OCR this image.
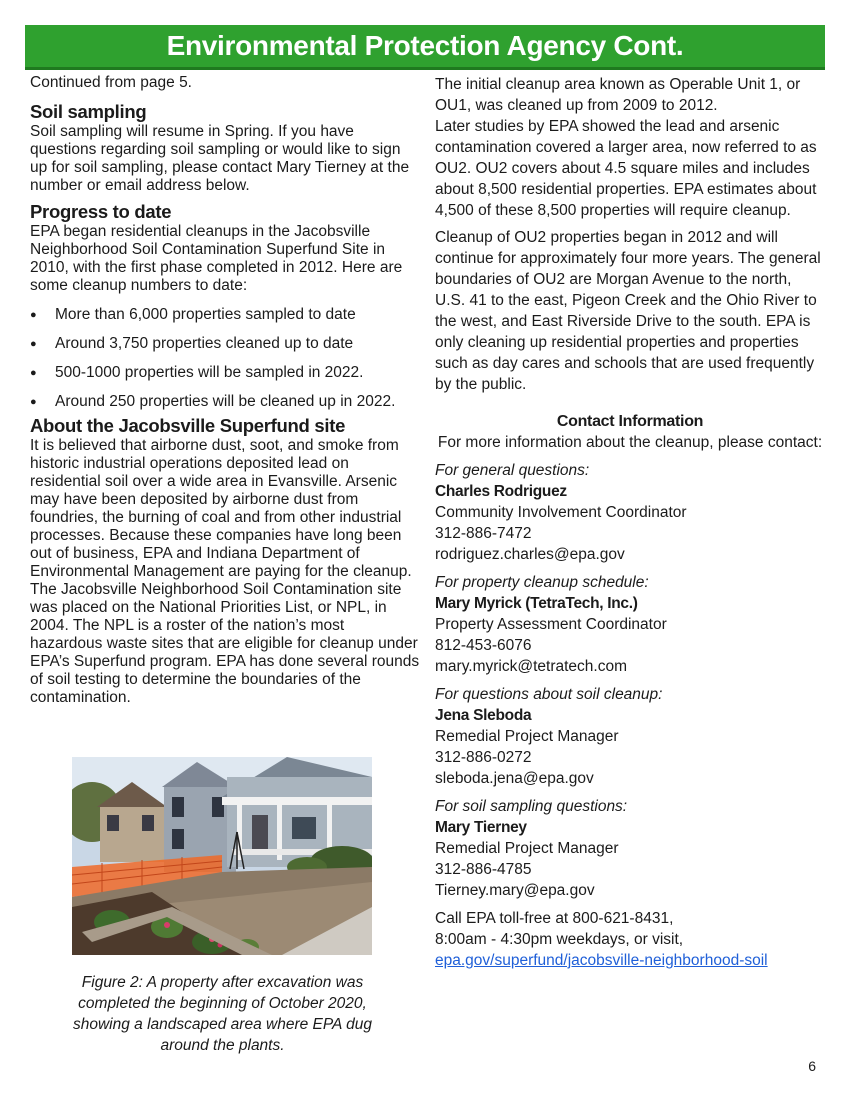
Environmental Protection Agency Cont.

Continued from page 5.

Soil sampling

Soil sampling will resume in Spring. If you have questions regarding soil sampling or would like to sign up for soil sampling, please contact Mary Tierney at the number or email address below.

Progress to date

EPA began residential cleanups in the Jacobsville Neighborhood Soil Contamination Superfund Site in 2010, with the first phase completed in 2012. Here are some cleanup numbers to date:

● More than 6,000 properties sampled to date
● Around 3,750 properties cleaned up to date
● 500-1000 properties will be sampled in 2022.
● Around 250 properties will be cleaned up in 2022.
About the Jacobsville Superfund site

It is believed that airborne dust, soot, and smoke from historic industrial operations deposited lead on residential soil over a wide area in Evansville. Arsenic may have been deposited by airborne dust from foundries, the burning of coal and from other industrial processes. Because these companies have long been out of business, EPA and Indiana Department of Environmental Management are paying for the cleanup.

The Jacobsville Neighborhood Soil Contamination site was placed on the National Priorities List, or NPL, in 2004. The NPL is a roster of the nation’s most hazardous waste sites that are eligible for cleanup under EPA’s Superfund program. EPA has done several rounds of soil testing to determine the boundaries of the contamination.

Figure 2: A property after excavation was completed the beginning of October 2020, showing a landscaped area where EPA dug around the plants.

The initial cleanup area known as Operable Unit 1, or OU1, was cleaned up from 2009 to 2012.

Later studies by EPA showed the lead and arsenic contamination covered a larger area, now referred to as OU2. OU2 covers about 4.5 square miles and includes about 8,500 residential properties. EPA estimates about 4,500 of these 8,500 properties will require cleanup.

Cleanup of OU2 properties began in 2012 and will continue for approximately four more years. The general boundaries of OU2 are Morgan Avenue to the north, U.S. 41 to the east, Pigeon Creek and the Ohio River to the west, and East Riverside Drive to the south. EPA is only cleaning up residential properties and properties such as day cares and schools that are used frequently by the public.

Contact Information
For more information about the cleanup, please contact:
For general questions:
Charles Rodriguez
Community Involvement Coordinator
312-886-7472
rodriguez.charles@epa.gov
For property cleanup schedule:
Mary Myrick (TetraTech, Inc.)
Property Assessment Coordinator
812-453-6076
mary.myrick@tetratech.com
For questions about soil cleanup:
Jena Sleboda
Remedial Project Manager
312-886-0272
sleboda.jena@epa.gov
For soil sampling questions:
Mary Tierney
Remedial Project Manager
312-886-4785
Tierney.mary@epa.gov
Call EPA toll-free at 800-621-8431,
8:00am - 4:30pm weekdays, or visit,
epa.gov/superfund/jacobsville-neighborhood-soil
6
